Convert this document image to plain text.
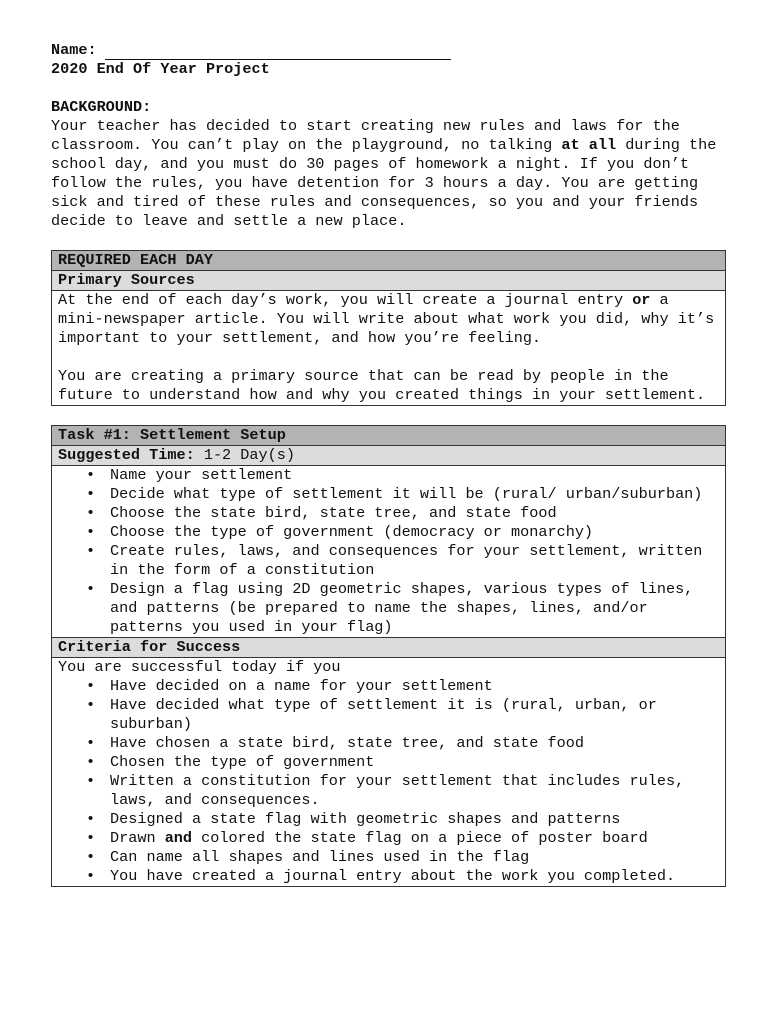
Name:
2020 End Of Year Project
BACKGROUND:
Your teacher has decided to start creating new rules and laws for the classroom. You can’t play on the playground, no talking at all during the school day, and you must do 30 pages of homework a night. If you don’t follow the rules, you have detention for 3 hours a day. You are getting sick and tired of these rules and consequences, so you and your friends decide to leave and settle a new place.
REQUIRED EACH DAY
Primary Sources

At the end of each day’s work, you will create a journal entry or a mini-newspaper article. You will write about what work you did, why it’s important to your settlement, and how you’re feeling.
You are creating a primary source that can be read by people in the future to understand how and why you created things in your settlement.
Task #1: Settlement Setup
Suggested Time: 1-2 Day(s)

• Name your settlement
• Decide what type of settlement it will be (rural/ urban/suburban)
• Choose the state bird, state tree, and state food
• Choose the type of government (democracy or monarchy)
• Create rules, laws, and consequences for your settlement, written in the form of a constitution
• Design a flag using 2D geometric shapes, various types of lines, and patterns (be prepared to name the shapes, lines, and/or patterns you used in your flag)

Criteria for Success

You are successful today if you
• Have decided on a name for your settlement
• Have decided what type of settlement it is (rural, urban, or suburban)
• Have chosen a state bird, state tree, and state food
• Chosen the type of government
• Written a constitution for your settlement that includes rules, laws, and consequences.
• Designed a state flag with geometric shapes and patterns
• Drawn and colored the state flag on a piece of poster board
• Can name all shapes and lines used in the flag
• You have created a journal entry about the work you completed.
